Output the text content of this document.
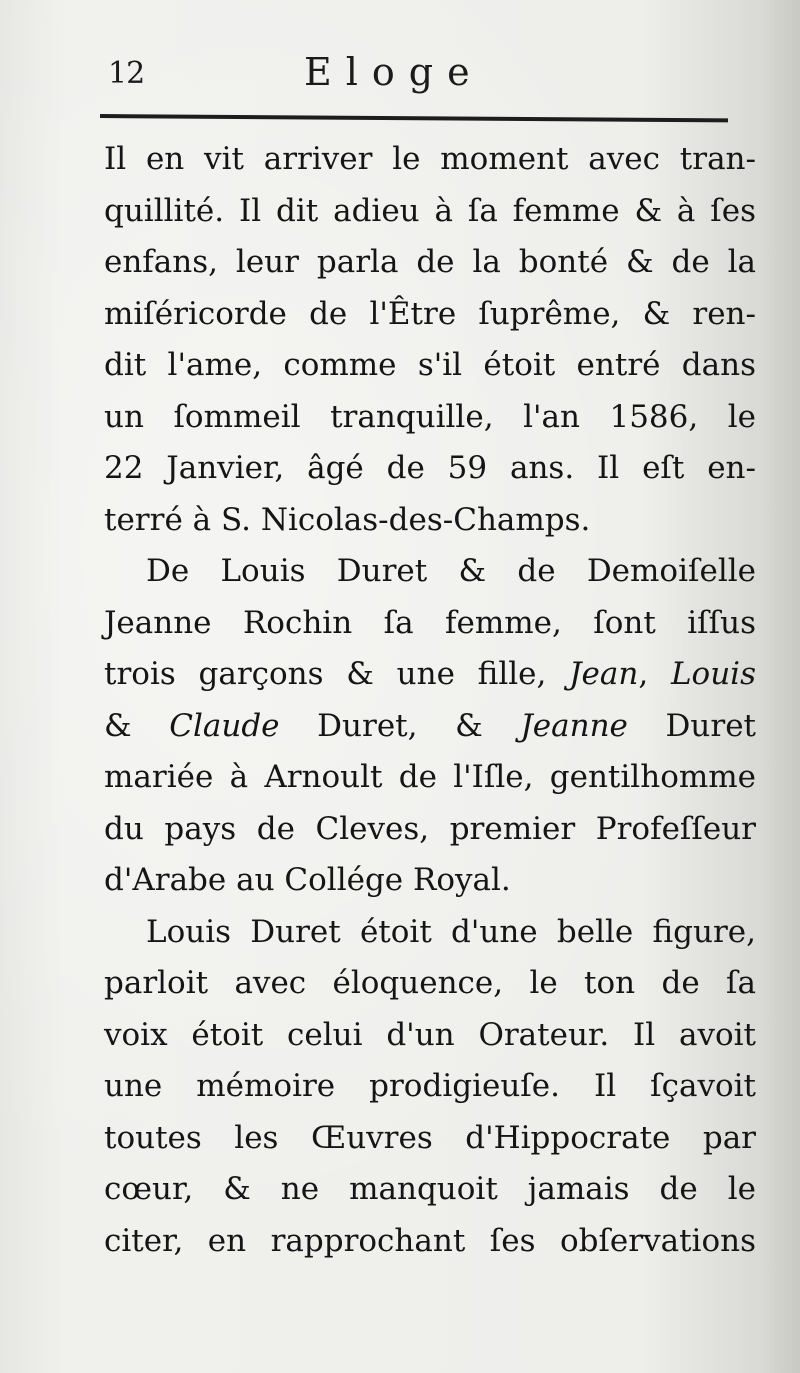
12	Eloge
Il en vit arriver le moment avec tran-
quillité. Il dit adieu à ſa femme & à ſes
enfans, leur parla de la bonté & de la
miſéricorde de l'Être ſuprême, & ren-
dit l'ame, comme s'il étoit entré dans
un ſommeil tranquille, l'an 1586, le
22 Janvier, âgé de 59 ans. Il eſt en-
terré à S. Nicolas-des-Champs.
De Louis Duret & de Demoiſelle
Jeanne Rochin ſa femme, ſont iſſus
trois garçons & une fille, Jean, Louis
& Claude Duret, & Jeanne Duret
mariée à Arnoult de l'Iſle, gentilhomme
du pays de Cleves, premier Profeſſeur
d'Arabe au Collége Royal.
Louis Duret étoit d'une belle figure,
parloit avec éloquence, le ton de ſa
voix étoit celui d'un Orateur. Il avoit
une mémoire prodigieuſe. Il ſçavoit
toutes les Œuvres d'Hippocrate par
cœur, & ne manquoit jamais de le
citer, en rapprochant ſes obſervations
